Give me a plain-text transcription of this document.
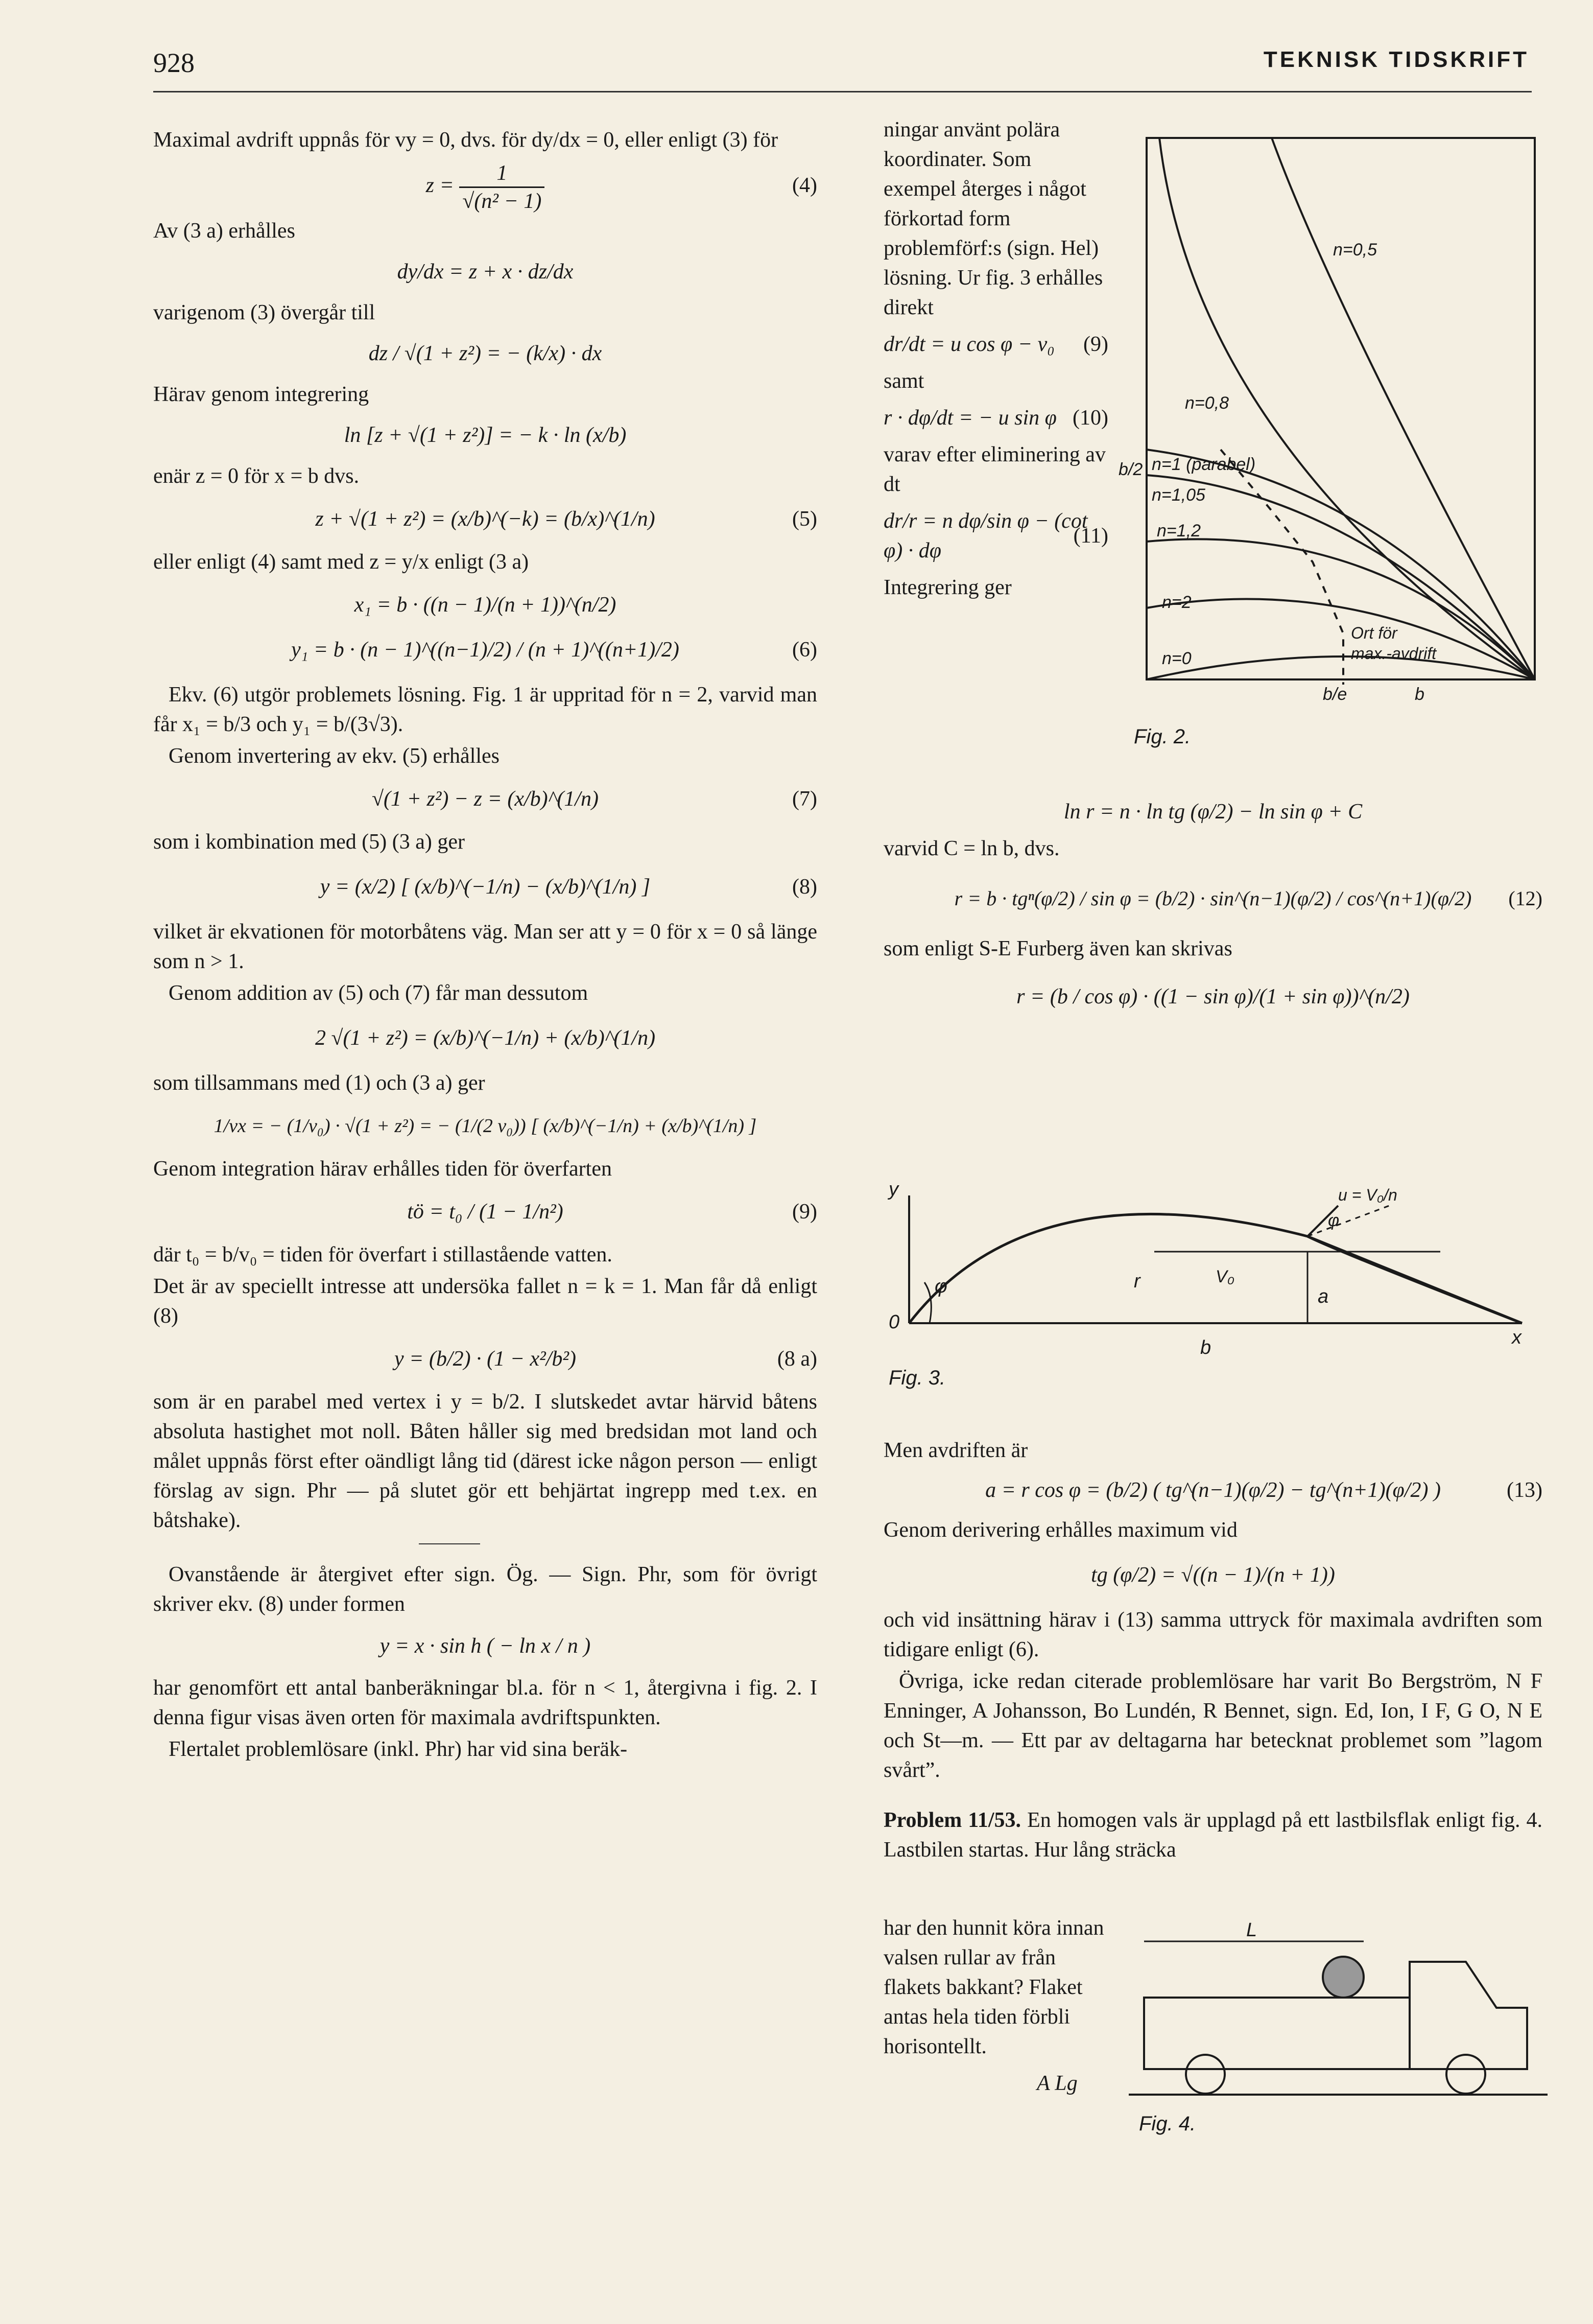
928	TEKNISK TIDSKRIFT

Maximal avdrift uppnås för vy = 0, dvs. för dy/dx = 0, eller enligt (3) för

$z = \frac{1}{\text{√(n² − 1)}}$	(4)

Av (3 a) erhålles

dy/dx = z + x · dz/dx

varigenom (3) övergår till

dz / √(1 + z²) = − (k/x) · dx

Härav genom integrering

ln [z + √(1 + z²)] = − k · ln (x/b)

enär z = 0 för x = b dvs.

z + √(1 + z²) = (x/b)^(−k) = (b/x)^(1/n)	(5)

eller enligt (4) samt med z = y/x enligt (3 a)

x₁ = b · ((n − 1)/(n + 1))^(n/2)
y₁ = b · (n − 1)^((n−1)/2) / (n + 1)^((n+1)/2)	(6)

Ekv. (6) utgör problemets lösning. Fig. 1 är uppritad för n = 2, varvid man får x₁ = b/3 och y₁ = b/(3√3).

Genom invertering av ekv. (5) erhålles

√(1 + z²) − z = (x/b)^(1/n)	(7)

som i kombination med (5) (3 a) ger

y = (x/2) [ (x/b)^(−1/n) − (x/b)^(1/n) ]	(8)

vilket är ekvationen för motorbåtens väg. Man ser att y = 0 för x = 0 så länge som n > 1.

Genom addition av (5) och (7) får man dessutom

2 √(1 + z²) = (x/b)^(−1/n) + (x/b)^(1/n)

som tillsammans med (1) och (3 a) ger

1/vx = − (1/v₀) · √(1 + z²) = − (1/(2 v₀)) [ (x/b)^(−1/n) + (x/b)^(1/n) ]

Genom integration härav erhålles tiden för överfarten

tö = t₀ / (1 − 1/n²)	(9)

där t₀ = b/v₀ = tiden för överfart i stillastående vatten.

Det är av speciellt intresse att undersöka fallet n = k = 1. Man får då enligt (8)

y = (b/2) · (1 − x²/b²)	(8 a)

som är en parabel med vertex i y = b/2. I slutskedet avtar härvid båtens absoluta hastighet mot noll. Båten håller sig med bredsidan mot land och målet uppnås först efter oändligt lång tid (därest icke någon person — enligt förslag av sign. Phr — på slutet gör ett behjärtat ingrepp med t.ex. en båtshake).

Ovanstående är återgivet efter sign. Ög. — Sign. Phr, som för övrigt skriver ekv. (8) under formen

y = x · sin h ( − ln x / n )

har genomfört ett antal banberäkningar bl.a. för n < 1, återgivna i fig. 2. I denna figur visas även orten för maximala avdriftspunkten.

Flertalet problemlösare (inkl. Phr) har vid sina beräk-

ningar använt polära koordinater. Som exempel återges i något förkortad form problemförf:s (sign. Hel) lösning. Ur fig. 3 erhålles direkt

dr/dt = u cos φ − v₀ (9)

samt

r · dφ/dt = − u sin φ (10)

varav efter eliminering av dt

dr/r = n dφ/sin φ − (cot φ) · dφ
(11)

Integrering ger

n=0,5
n=0,8
n=1 (parabel)
n=1,05
n=1,2
n=2
n=0
Ort för
max.-avdrift
b/2
b/e	b
Fig. 2.
ln r = n · ln tg (φ/2) − ln sin φ + C

varvid C = ln b, dvs.

r = b · tgⁿ(φ/2) / sin φ = (b/2) · sin^(n−1)(φ/2) / cos^(n+1)(φ/2) (12)

som enligt S-E Furberg även kan skrivas

r = (b / cos φ) · ((1 − sin φ)/(1 + sin φ))^(n/2)
y
0
x
φ
φ
r	V₀
a
b
u = V₀/n
Fig. 3.

Men avdriften är

a = r cos φ = (b/2) ( tg^(n−1)(φ/2) − tg^(n+1)(φ/2) )	(13)

Genom derivering erhålles maximum vid

tg (φ/2) = √((n − 1)/(n + 1))

och vid insättning härav i (13) samma uttryck för maximala avdriften som tidigare enligt (6).

Övriga, icke redan citerade problemlösare har varit Bo Bergström, N F Enninger, A Johansson, Bo Lundén, R Bennet, sign. Ed, Ion, I F, G O, N E och St—m. — Ett par av deltagarna har betecknat problemet som ”lagom svårt”.

Problem 11/53. En homogen vals är upplagd på ett lastbilsflak enligt fig. 4. Lastbilen startas. Hur lång sträcka

har den hunnit köra innan valsen rullar av från flakets bakkant? Flaket antas hela tiden förbli horisontellt.

A Lg

L
Fig. 4.
